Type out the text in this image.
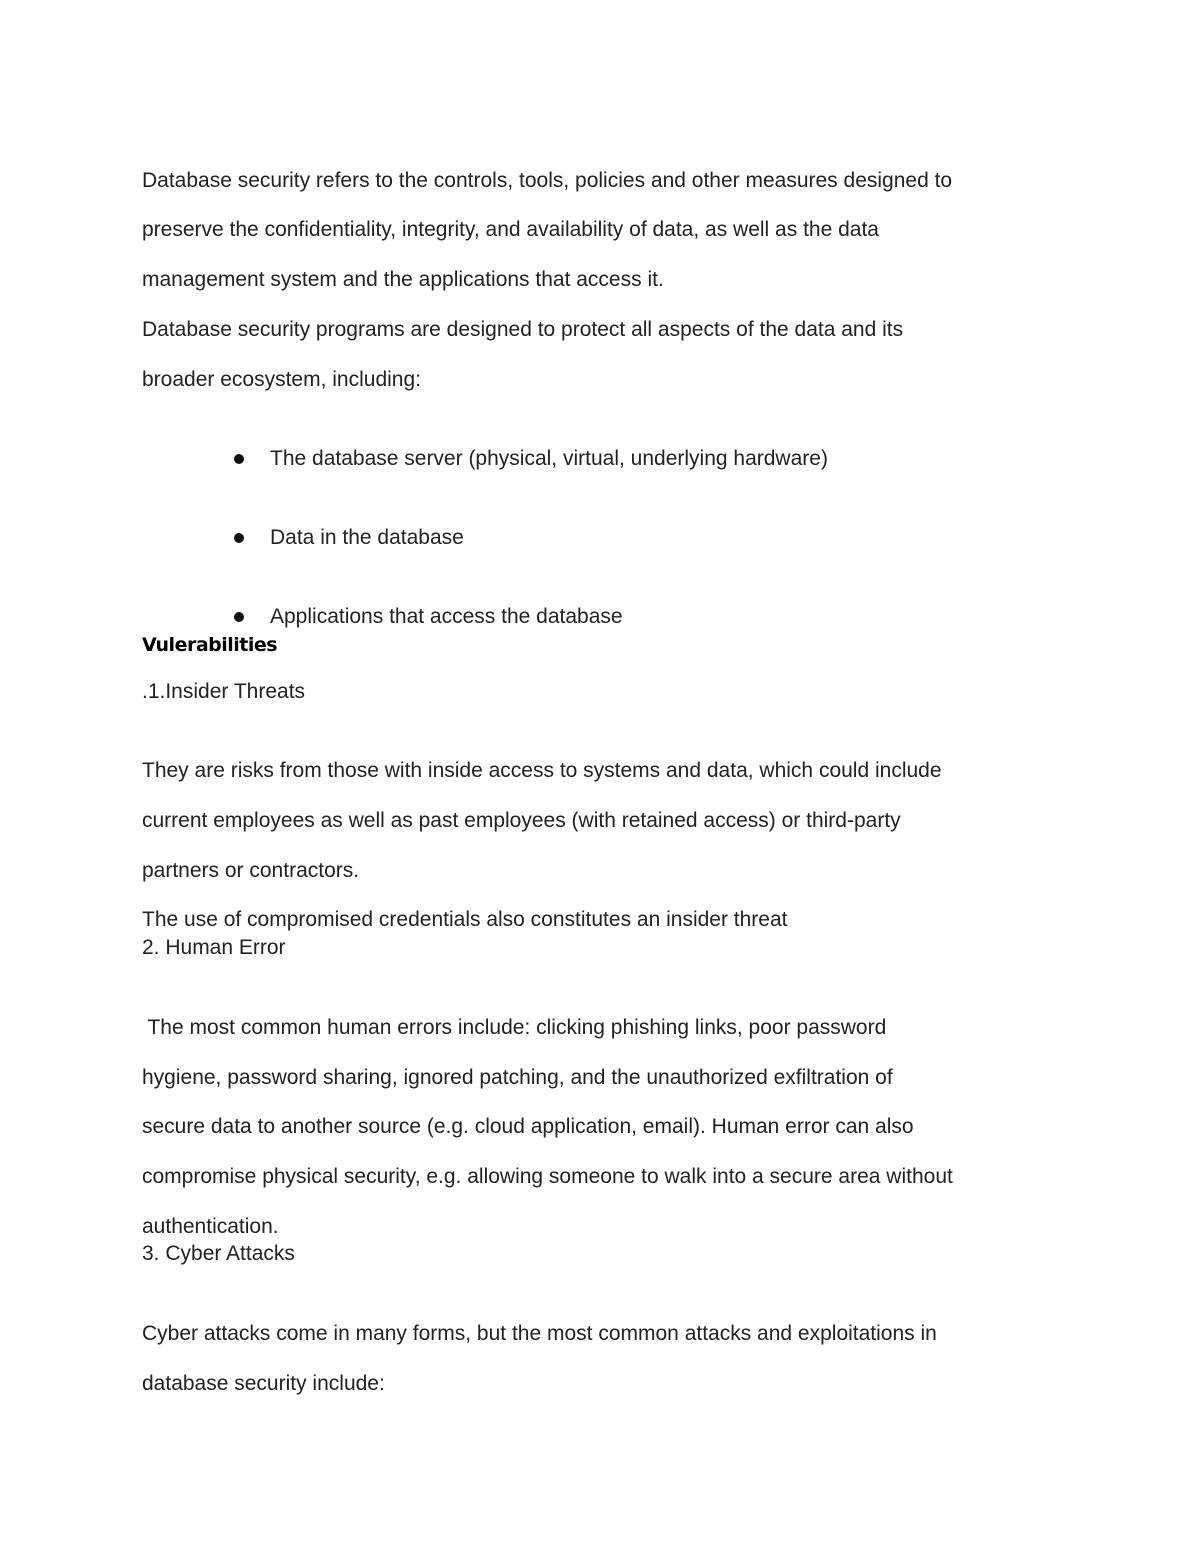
Database security refers to the controls, tools, policies and other measures designed to
preserve the confidentiality, integrity, and availability of data, as well as the data
management system and the applications that access it.
Database security programs are designed to protect all aspects of the data and its
broader ecosystem, including:
The database server (physical, virtual, underlying hardware)
Data in the database
Applications that access the database
Vulerabilities
.1.Insider Threats
They are risks from those with inside access to systems and data, which could include
current employees as well as past employees (with retained access) or third-party
partners or contractors.
The use of compromised credentials also constitutes an insider threat
2. Human Error
The most common human errors include: clicking phishing links, poor password
hygiene, password sharing, ignored patching, and the unauthorized exfiltration of
secure data to another source (e.g. cloud application, email). Human error can also
compromise physical security, e.g. allowing someone to walk into a secure area without
authentication.
3. Cyber Attacks
Cyber attacks come in many forms, but the most common attacks and exploitations in
database security include:
